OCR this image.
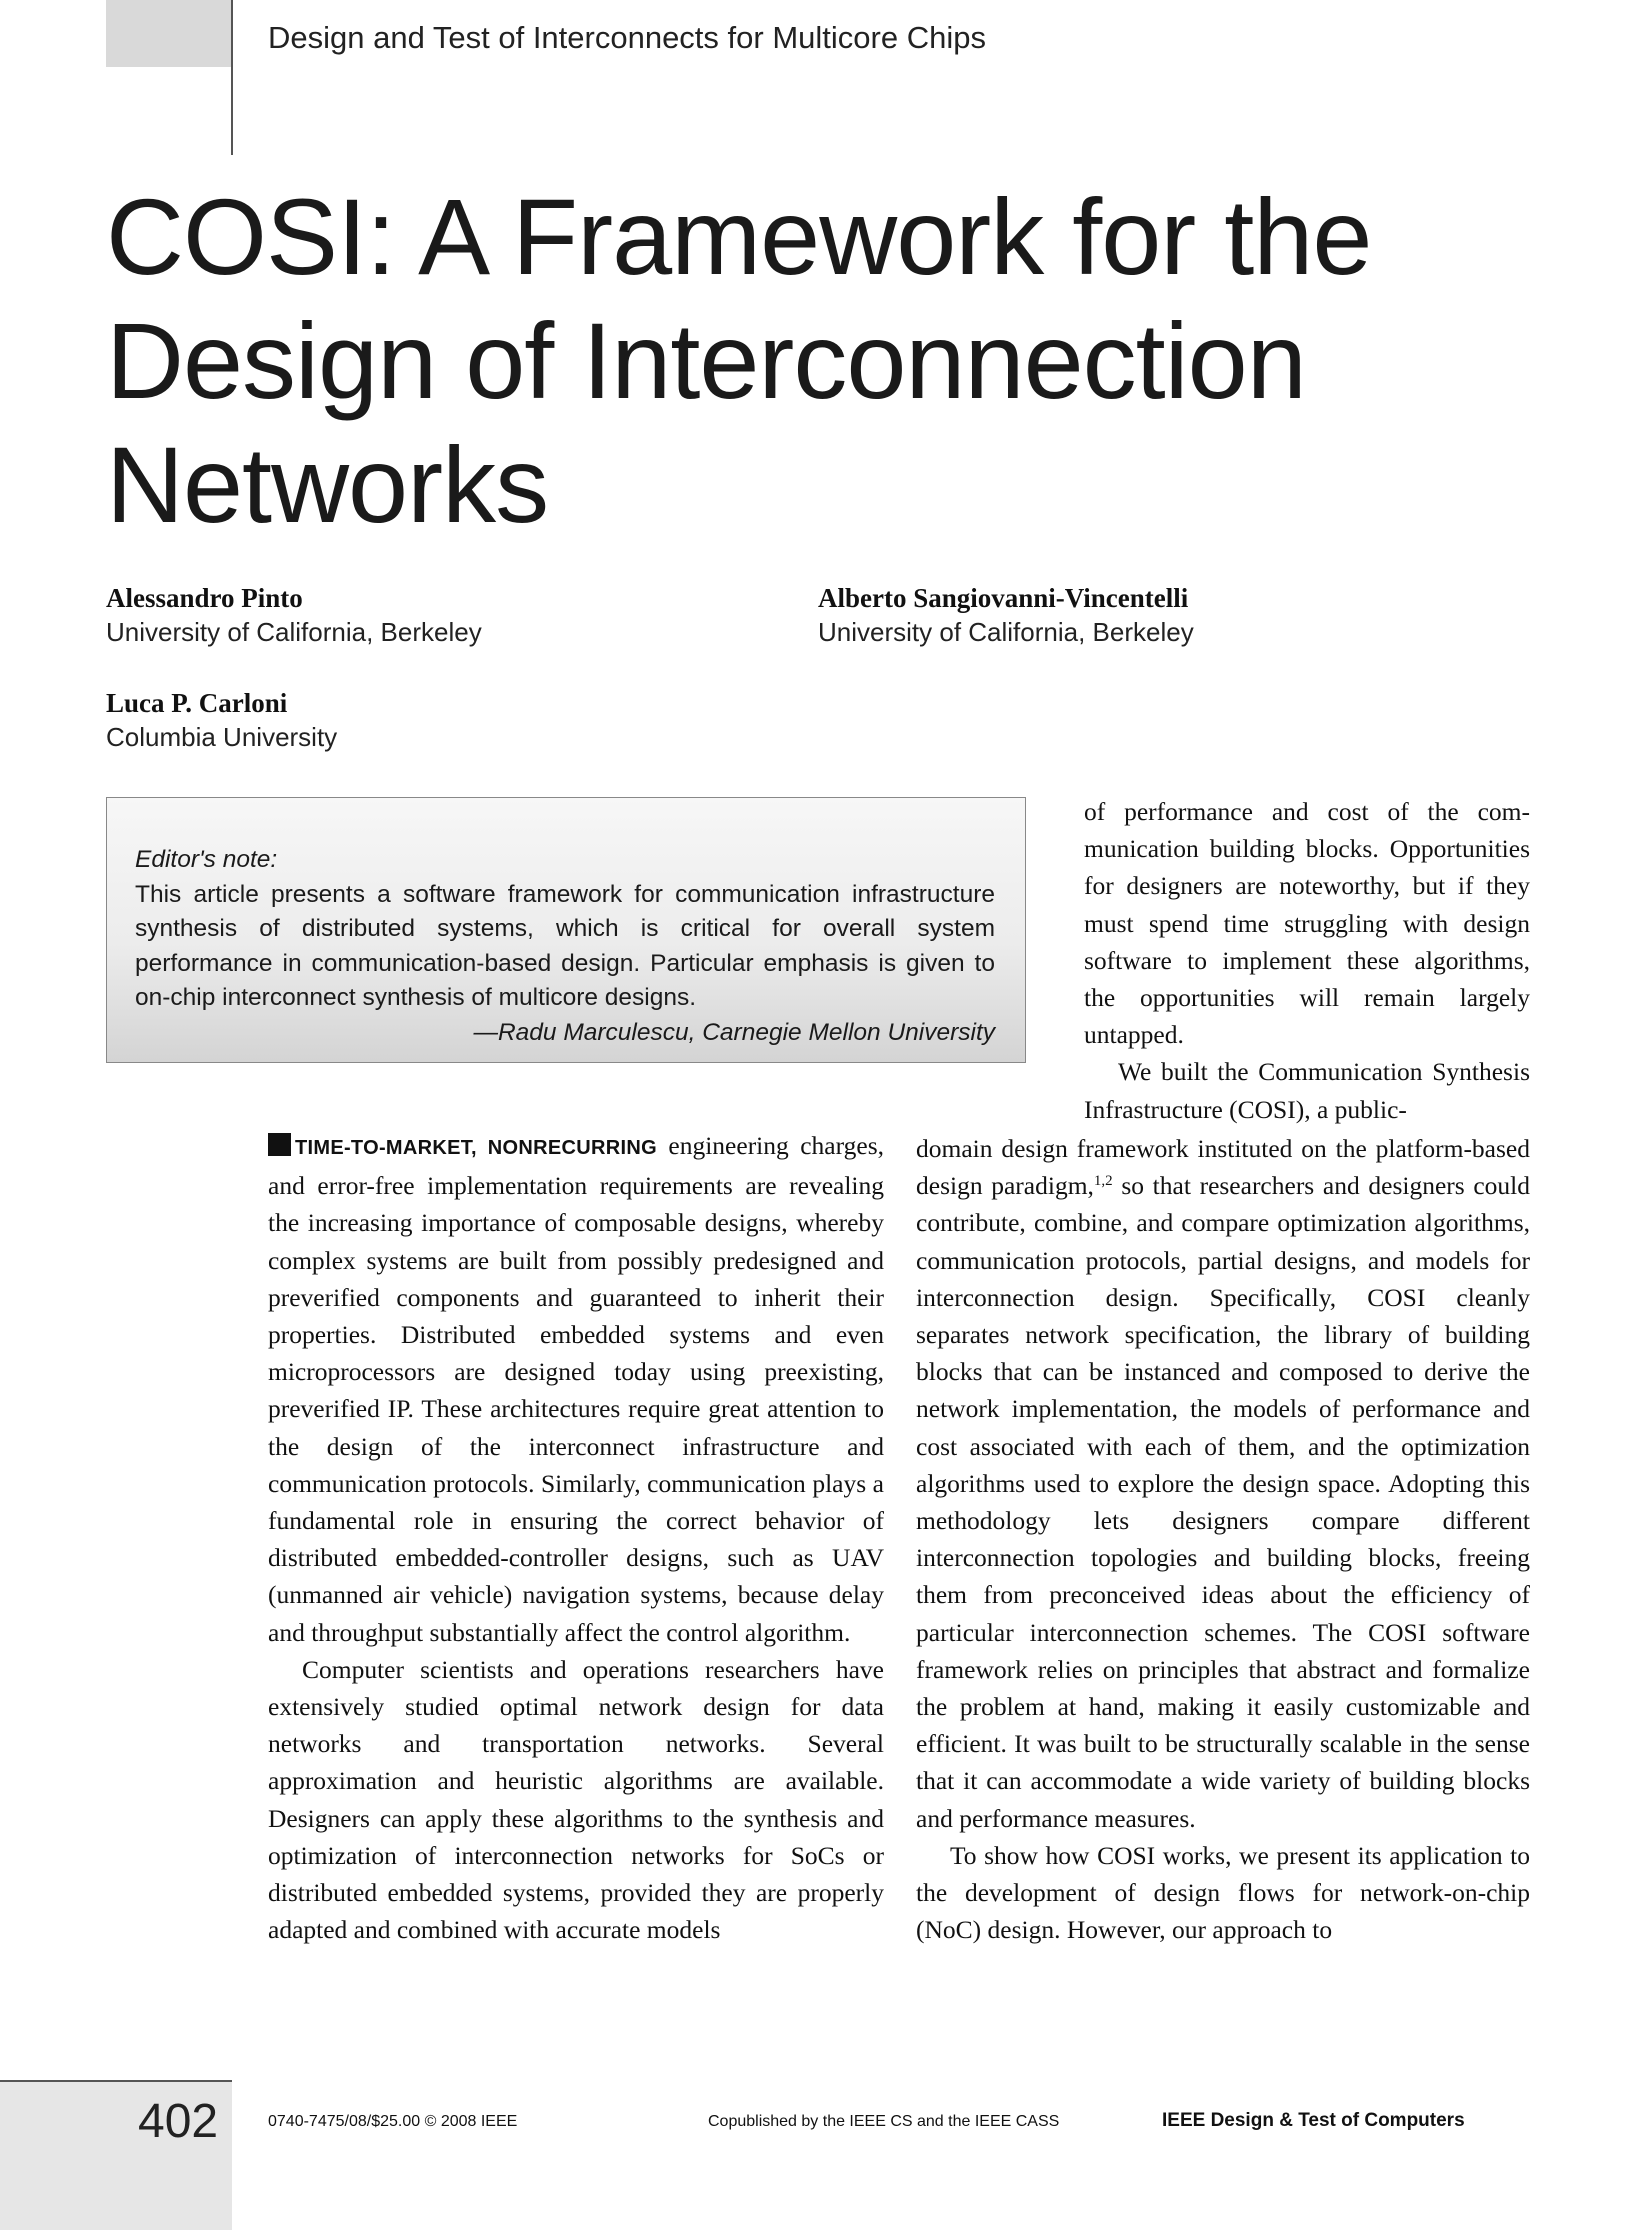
Design and Test of Interconnects for Multicore Chips
COSI: A Framework for the
Design of Interconnection
Networks
Alessandro Pinto
University of California, Berkeley
Alberto Sangiovanni-Vincentelli
University of California, Berkeley
Luca P. Carloni
Columbia University
Editor's note:
This article presents a software framework for communication infrastructure synthesis of distributed systems, which is critical for overall system performance in communication-based design. Particular emphasis is given to on-chip interconnect synthesis of multicore designs.
—Radu Marculescu, Carnegie Mellon University

of performance and cost of the communication building blocks. Opportunities for designers are noteworthy, but if they must spend time struggling with design software to implement these algorithms, the opportunities will remain largely untapped.

We built the Communication Synthesis Infrastructure (COSI), a public-

TIME-TO-MARKET, NONRECURRING engineering charges, and error-free implementation requirements are revealing the increasing importance of composable designs, whereby complex systems are built from possibly predesigned and preverified components and guaranteed to inherit their properties. Distributed embedded systems and even microprocessors are designed today using preexisting, preverified IP. These architectures require great attention to the design of the interconnect infrastructure and communication protocols. Similarly, communication plays a fundamental role in ensuring the correct behavior of distributed embedded-controller designs, such as UAV (unmanned air vehicle) navigation systems, because delay and throughput substantially affect the control algorithm.

Computer scientists and operations researchers have extensively studied optimal network design for data networks and transportation networks. Several approximation and heuristic algorithms are available. Designers can apply these algorithms to the synthesis and optimization of interconnection networks for SoCs or distributed embedded systems, provided they are properly adapted and combined with accurate models

domain design framework instituted on the platform-based design paradigm,$^{1,2}$ so that researchers and designers could contribute, combine, and compare optimization algorithms, communication protocols, partial designs, and models for interconnection design. Specifically, COSI cleanly separates network specification, the library of building blocks that can be instanced and composed to derive the network implementation, the models of performance and cost associated with each of them, and the optimization algorithms used to explore the design space. Adopting this methodology lets designers compare different interconnection topologies and building blocks, freeing them from preconceived ideas about the efficiency of particular interconnection schemes. The COSI software framework relies on principles that abstract and formalize the problem at hand, making it easily customizable and efficient. It was built to be structurally scalable in the sense that it can accommodate a wide variety of building blocks and performance measures.

To show how COSI works, we present its application to the development of design flows for network-on-chip (NoC) design. However, our approach to

402	0740-7475/08/$25.00 © 2008 IEEE	Copublished by the IEEE CS and the IEEE CASS	IEEE Design & Test of Computers
